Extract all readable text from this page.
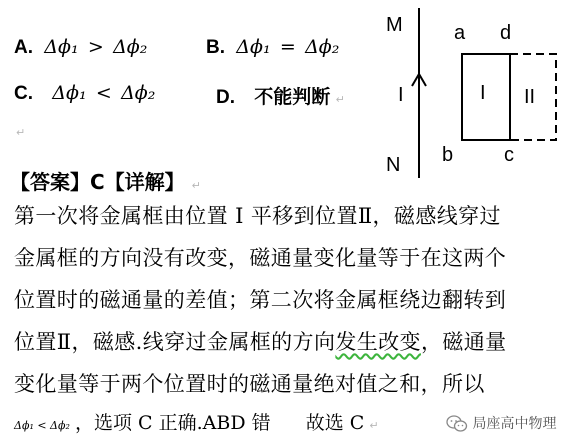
A. Δϕ₁ > Δϕ₂	B. Δϕ₁ = Δϕ₂
C. Δϕ₁ < Δϕ₂	D. 不能判断 ↵
↵
M
N
I
a d
b	c
I II
【答案】C【详解】 ↵
第一次将金属框由位置 I 平移到位置Ⅱ，磁感线穿过
金属框的方向没有改变，磁通量变化量等于在这两个
位置时的磁通量的差值；第二次将金属框绕边翻转到
位置Ⅱ，磁感.线穿过金属框的方向发生改变，磁通量
变化量等于两个位置时的磁通量绝对值之和，所以
Δϕ₁ < Δϕ₂ ，选项 C 正确.ABD 错 故选 C ↵	局座高中物理
